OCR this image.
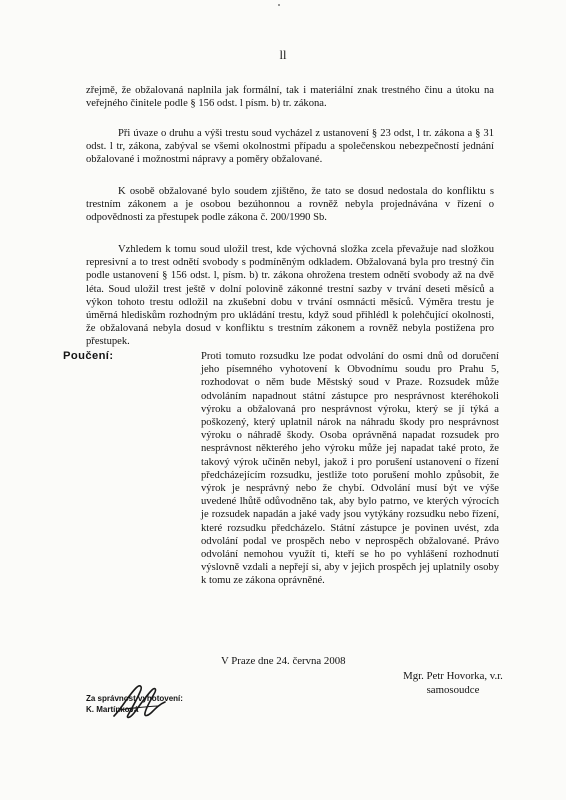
ll

zřejmě, že obžalovaná naplnila jak formální, tak i materiální znak trestného činu a útoku na veřejného činitele podle § 156 odst. l písm. b) tr. zákona.

Při úvaze o druhu a výši trestu soud vycházel z ustanovení § 23 odst, l tr. zákona a § 31 odst. l tr, zákona, zabýval se všemi okolnostmi případu a společenskou nebezpečností jednání obžalované i možnostmi nápravy a poměry obžalované.

K osobě obžalované bylo soudem zjištěno, že tato se dosud nedostala do konfliktu s trestním zákonem a je osobou bezúhonnou a rovněž nebyla projednávána v řízení o odpovědnosti za přestupek podle zákona č. 200/1990 Sb.

Vzhledem k tomu soud uložil trest, kde výchovná složka zcela převažuje nad složkou represivní a to trest odnětí svobody s podmíněným odkladem. Obžalovaná byla pro trestný čin podle ustanovení § 156 odst. l, písm. b) tr. zákona ohrožena trestem odnětí svobody až na dvě léta. Soud uložil trest ještě v dolní polovině zákonné trestní sazby v trvání deseti měsíců a výkon tohoto trestu odložil na zkušební dobu v trvání osmnácti měsíců. Výměra trestu je úměrná hlediskům rozhodným pro ukládání trestu, když soud přihlédl k polehčující okolnosti, že obžalovaná nebyla dosud v konfliktu s trestním zákonem a rovněž nebyla postižena pro přestupek.

Poučení:	Proti tomuto rozsudku lze podat odvolání do osmi dnů od doručení jeho písemného vyhotovení k Obvodnímu soudu pro Prahu 5, rozhodovat o něm bude Městský soud v Praze. Rozsudek může odvoláním napadnout státní zástupce pro nesprávnost kteréhokoli výroku a obžalovaná pro nesprávnost výroku, který se jí týká a poškozený, který uplatnil nárok na náhradu škody pro nesprávnost výroku o náhradě škody. Osoba oprávněná napadat rozsudek pro nesprávnost některého jeho výroku může jej napadat také proto, že takový výrok učiněn nebyl, jakož i pro porušení ustanovení o řízení předcházejícím rozsudku, jestliže toto porušení mohlo způsobit, že výrok je nesprávný nebo že chybí. Odvolání musí být ve výše uvedené lhůtě odůvodněno tak, aby bylo patrno, ve kterých výrocích je rozsudek napadán a jaké vady jsou vytýkány rozsudku nebo řízení, které rozsudku předcházelo. Státní zástupce je povinen uvést, zda odvolání podal ve prospěch nebo v neprospěch obžalované. Právo odvolání nemohou využít ti, kteří se ho po vyhlášení rozhodnutí výslovně vzdali a nepřejí si, aby v jejich prospěch jej uplatnily osoby k tomu ze zákona oprávněné.

V Praze dne 24. června 2008
Mgr. Petr Hovorka, v.r.
samosoudce
Za správnost vyhotovení:
K. Martínková
